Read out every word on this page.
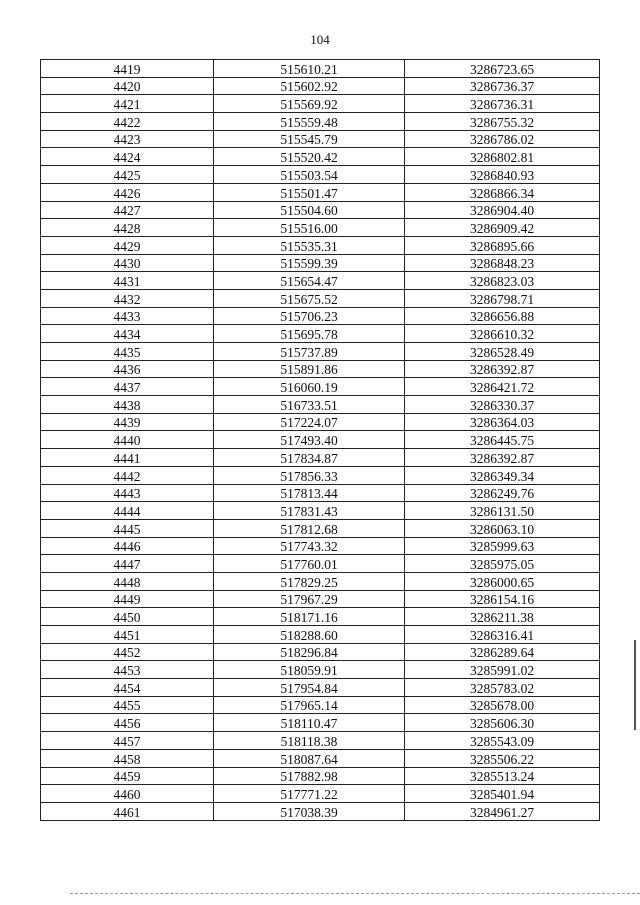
104
4419	515610.21	3286723.65
4420	515602.92	3286736.37
4421	515569.92	3286736.31
4422	515559.48	3286755.32
4423	515545.79	3286786.02
4424	515520.42	3286802.81
4425	515503.54	3286840.93
4426	515501.47	3286866.34
4427	515504.60	3286904.40
4428	515516.00	3286909.42
4429	515535.31	3286895.66
4430	515599.39	3286848.23
4431	515654.47	3286823.03
4432	515675.52	3286798.71
4433	515706.23	3286656.88
4434	515695.78	3286610.32
4435	515737.89	3286528.49
4436	515891.86	3286392.87
4437	516060.19	3286421.72
4438	516733.51	3286330.37
4439	517224.07	3286364.03
4440	517493.40	3286445.75
4441	517834.87	3286392.87
4442	517856.33	3286349.34
4443	517813.44	3286249.76
4444	517831.43	3286131.50
4445	517812.68	3286063.10
4446	517743.32	3285999.63
4447	517760.01	3285975.05
4448	517829.25	3286000.65
4449	517967.29	3286154.16
4450	518171.16	3286211.38
4451	518288.60	3286316.41
4452	518296.84	3286289.64
4453	518059.91	3285991.02
4454	517954.84	3285783.02
4455	517965.14	3285678.00
4456	518110.47	3285606.30
4457	518118.38	3285543.09
4458	518087.64	3285506.22
4459	517882.98	3285513.24
4460	517771.22	3285401.94
4461	517038.39	3284961.27
